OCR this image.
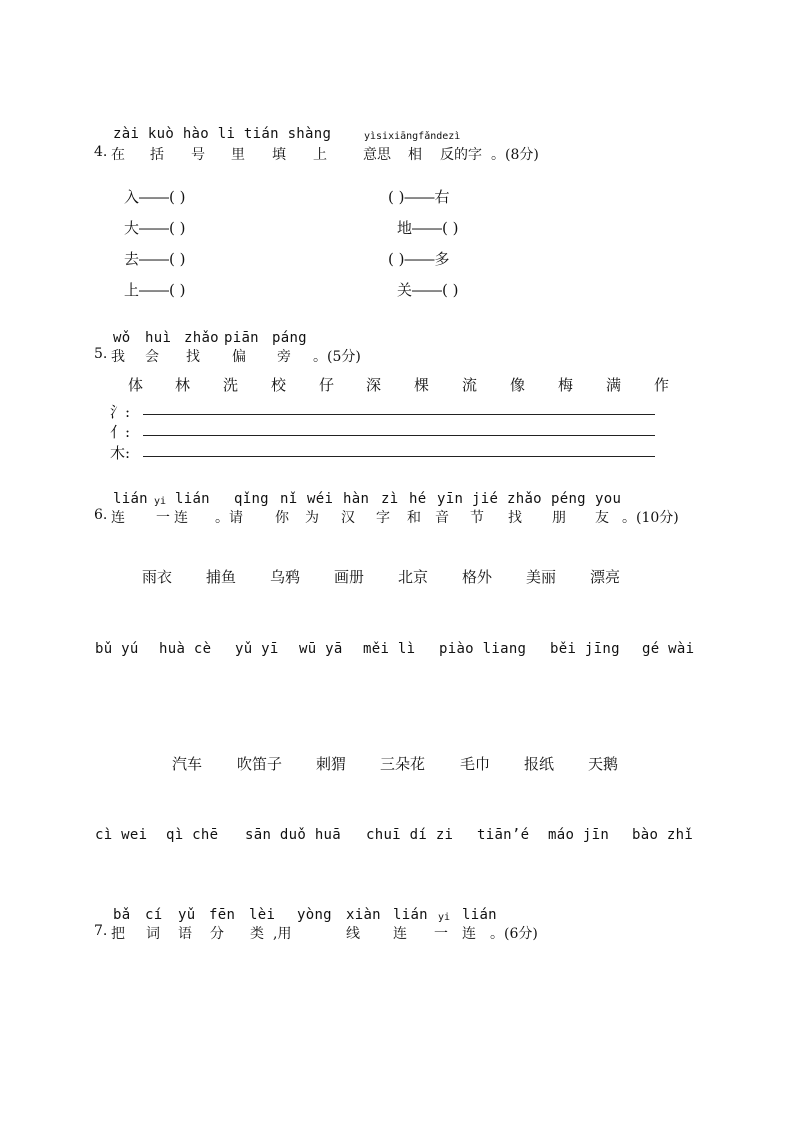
zài kuò hào li tián shàng	yìsixiāngfǎndezì
4. 在 括 号 里 填 上	意思 相 反的字 。(8分)
入――( )	( )――右
大――( )	地――( )
去――( )	( )――多
上――( )	关――( )
wǒ huì zhǎo piān páng
5. 我 会 找 偏 旁 。(5分)
体 林 洗 校 仔 深 棵 流 像 梅 满 作
氵:
亻:
木:
lián yi lián qǐng nǐ wéi hàn zì hé yīn jié zhǎo péng you
6. 连 一 连 。请 你 为 汉 字 和 音 节 找 朋 友 。(10分)
雨衣 捕鱼 乌鸦 画册 北京 格外 美丽 漂亮
bǔ yú huà cè yǔ yī wū yā měi lì piào liang běi jīng gé wài
汽车 吹笛子 刺猬 三朵花 毛巾 报纸 天鹅
cì wei qì chē sān duǒ huā chuī dí zi tiān’é máo jīn bào zhǐ
bǎ cí yǔ fēn lèi yòng xiàn lián yi lián
7. 把 词 语 分 类 ,用	线 连 一 连 。(6分)
